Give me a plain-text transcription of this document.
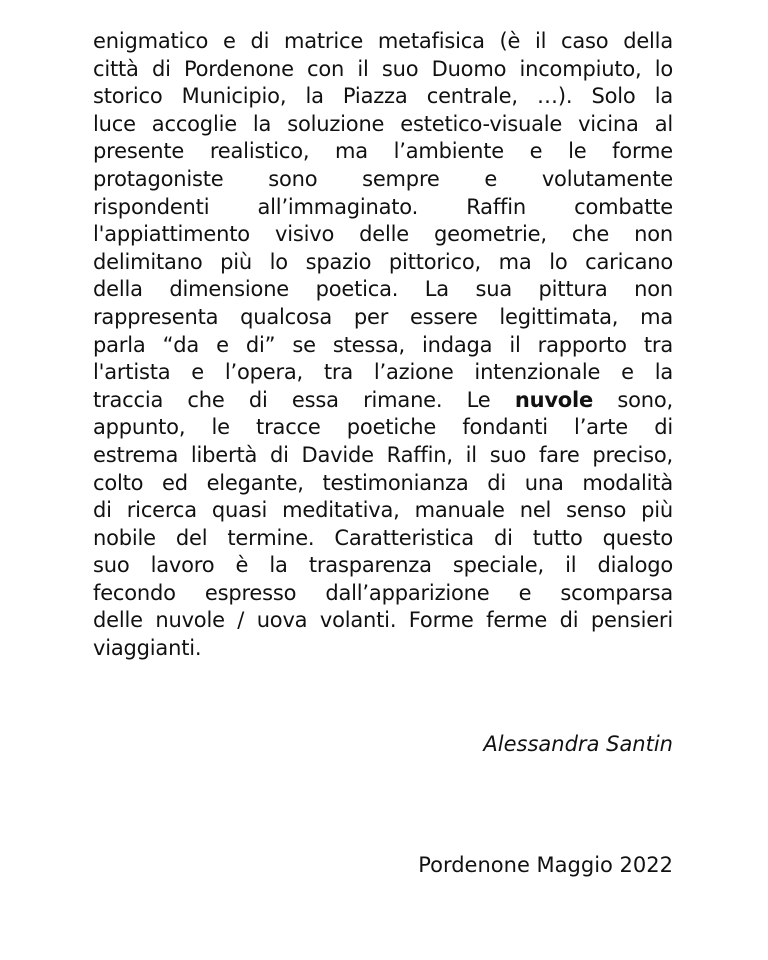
enigmatico e di matrice metafisica (è il caso della
città di Pordenone con il suo Duomo incompiuto, lo
storico Municipio, la Piazza centrale, …). Solo la
luce accoglie la soluzione estetico-visuale vicina al
presente realistico, ma l’ambiente e le forme
protagoniste sono sempre e volutamente
rispondenti all’immaginato. Raffin combatte
l'appiattimento visivo delle geometrie, che non
delimitano più lo spazio pittorico, ma lo caricano
della dimensione poetica. La sua pittura non
rappresenta qualcosa per essere legittimata, ma
parla “da e di” se stessa, indaga il rapporto tra
l'artista e l’opera, tra l’azione intenzionale e la
traccia che di essa rimane. Le nuvole sono,
appunto, le tracce poetiche fondanti l’arte di
estrema libertà di Davide Raffin, il suo fare preciso,
colto ed elegante, testimonianza di una modalità
di ricerca quasi meditativa, manuale nel senso più
nobile del termine. Caratteristica di tutto questo
suo lavoro è la trasparenza speciale, il dialogo
fecondo espresso dall’apparizione e scomparsa
delle nuvole / uova volanti. Forme ferme di pensieri
viaggianti.

Alessandra Santin

Pordenone Maggio 2022
